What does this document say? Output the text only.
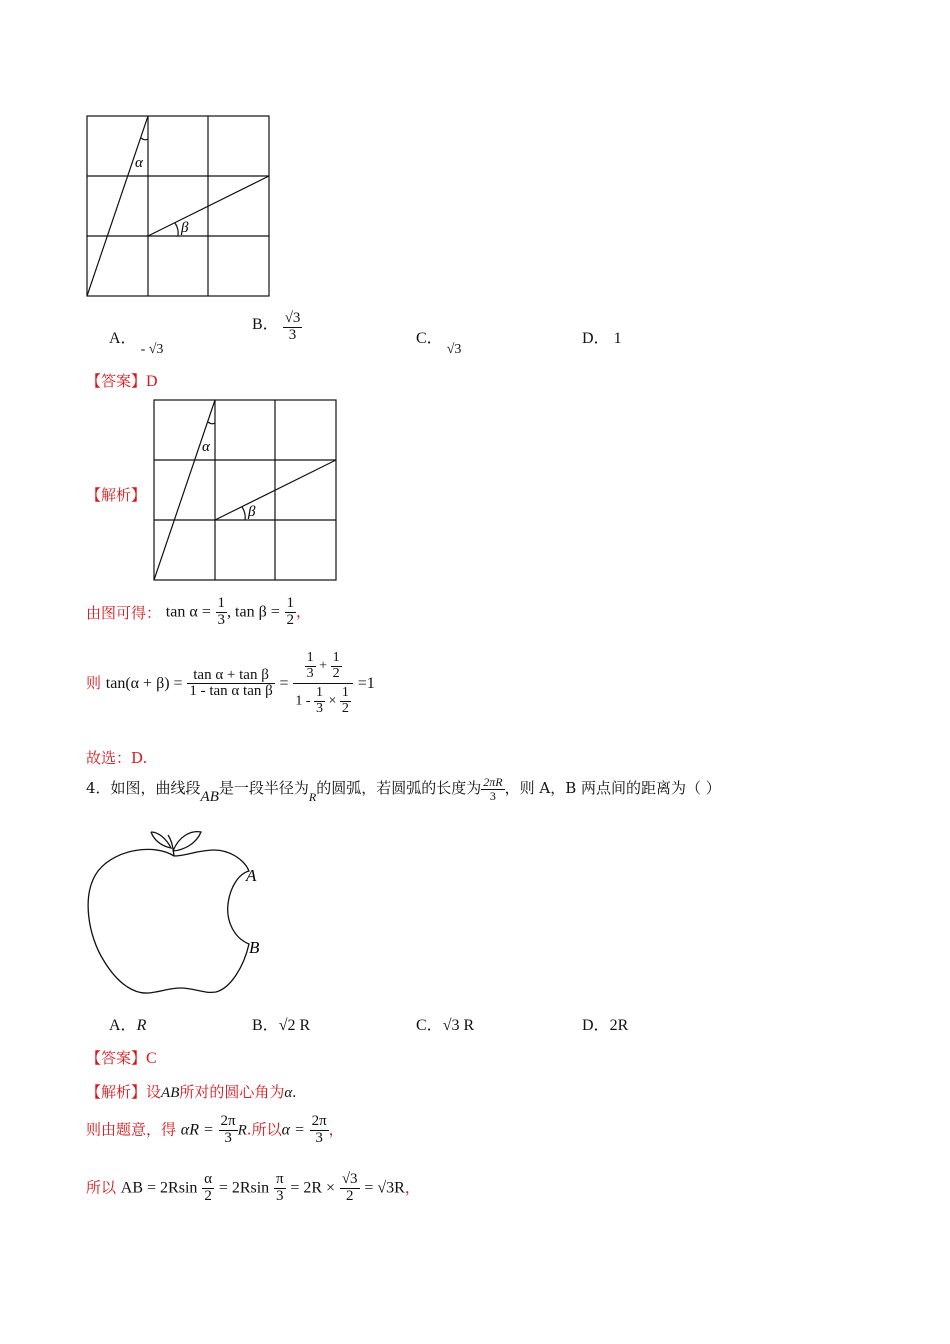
α
β
A． - √3
B． $\frac{√3}{3}$	C． √3
D． 1
【答案】D
【解析】
α
β
由图可得： $\tan \alpha = \frac{1}{3}$ , $\tan \beta = \frac{1}{2}$ ，
则 $\tan(\alpha + \beta) = \frac{\text{tan α + tan β}}{\text{1 - tan α tan β}} = \frac{\frac{1}{3} + \frac{1}{2}}{1 - \frac{1}{3} \times \frac{1}{2}} =1$
故选：D.
4．如图，曲线段AB是一段半径为$_R$的圆弧，若圆弧的长度为 $\frac{2\pi R}{3}$ ，则 A，B 两点间的距离为（ ）
A
B
A．R	B．√2 R	C．√3 R	D．2R
【答案】C
【解析】设AB所对的圆心角为α.
则由题意，得 $\alpha R = \frac{2\pi}{3} R$.所以$\alpha = \frac{2\pi}{3}$ ，
所以 AB = $2Rsin \frac{\alpha}{2} = 2Rsin \frac{\pi}{3} = 2R \times \frac{√3}{2} = √3R$，
